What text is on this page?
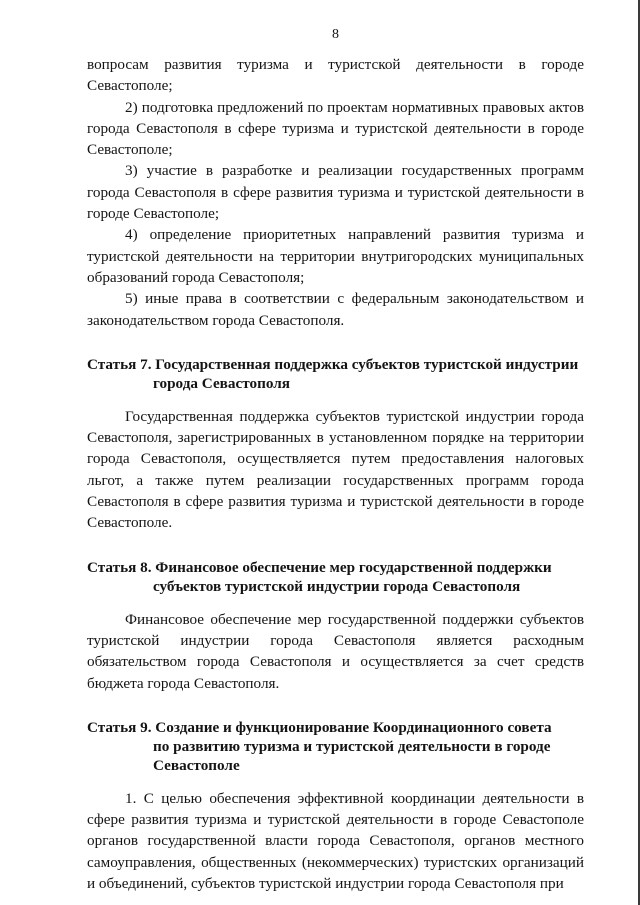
8

вопросам развития туризма и туристской деятельности в городе Севастополе;

2) подготовка предложений по проектам нормативных правовых актов города Севастополя в сфере туризма и туристской деятельности в городе Севастополе;

3) участие в разработке и реализации государственных программ города Севастополя в сфере развития туризма и туристской деятельности в городе Севастополе;

4) определение приоритетных направлений развития туризма и туристской деятельности на территории внутригородских муниципальных образований города Севастополя;

5) иные права в соответствии с федеральным законодательством и законодательством города Севастополя.

Статья 7. Государственная поддержка субъектов туристской индустрии
города Севастополя

Государственная поддержка субъектов туристской индустрии города Севастополя, зарегистрированных в установленном порядке на территории города Севастополя, осуществляется путем предоставления налоговых льгот, а также путем реализации государственных программ города Севастополя в сфере развития туризма и туристской деятельности в городе Севастополе.

Статья 8. Финансовое обеспечение мер государственной поддержки
субъектов туристской индустрии города Севастополя

Финансовое обеспечение мер государственной поддержки субъектов туристской индустрии города Севастополя является расходным обязательством города Севастополя и осуществляется за счет средств бюджета города Севастополя.

Статья 9. Создание и функционирование Координационного совета
по развитию туризма и туристской деятельности в городе
Севастополе

1. С целью обеспечения эффективной координации деятельности в сфере развития туризма и туристской деятельности в городе Севастополе органов государственной власти города Севастополя, органов местного самоуправления, общественных (некоммерческих) туристских организаций и объединений, субъектов туристской индустрии города Севастополя при
